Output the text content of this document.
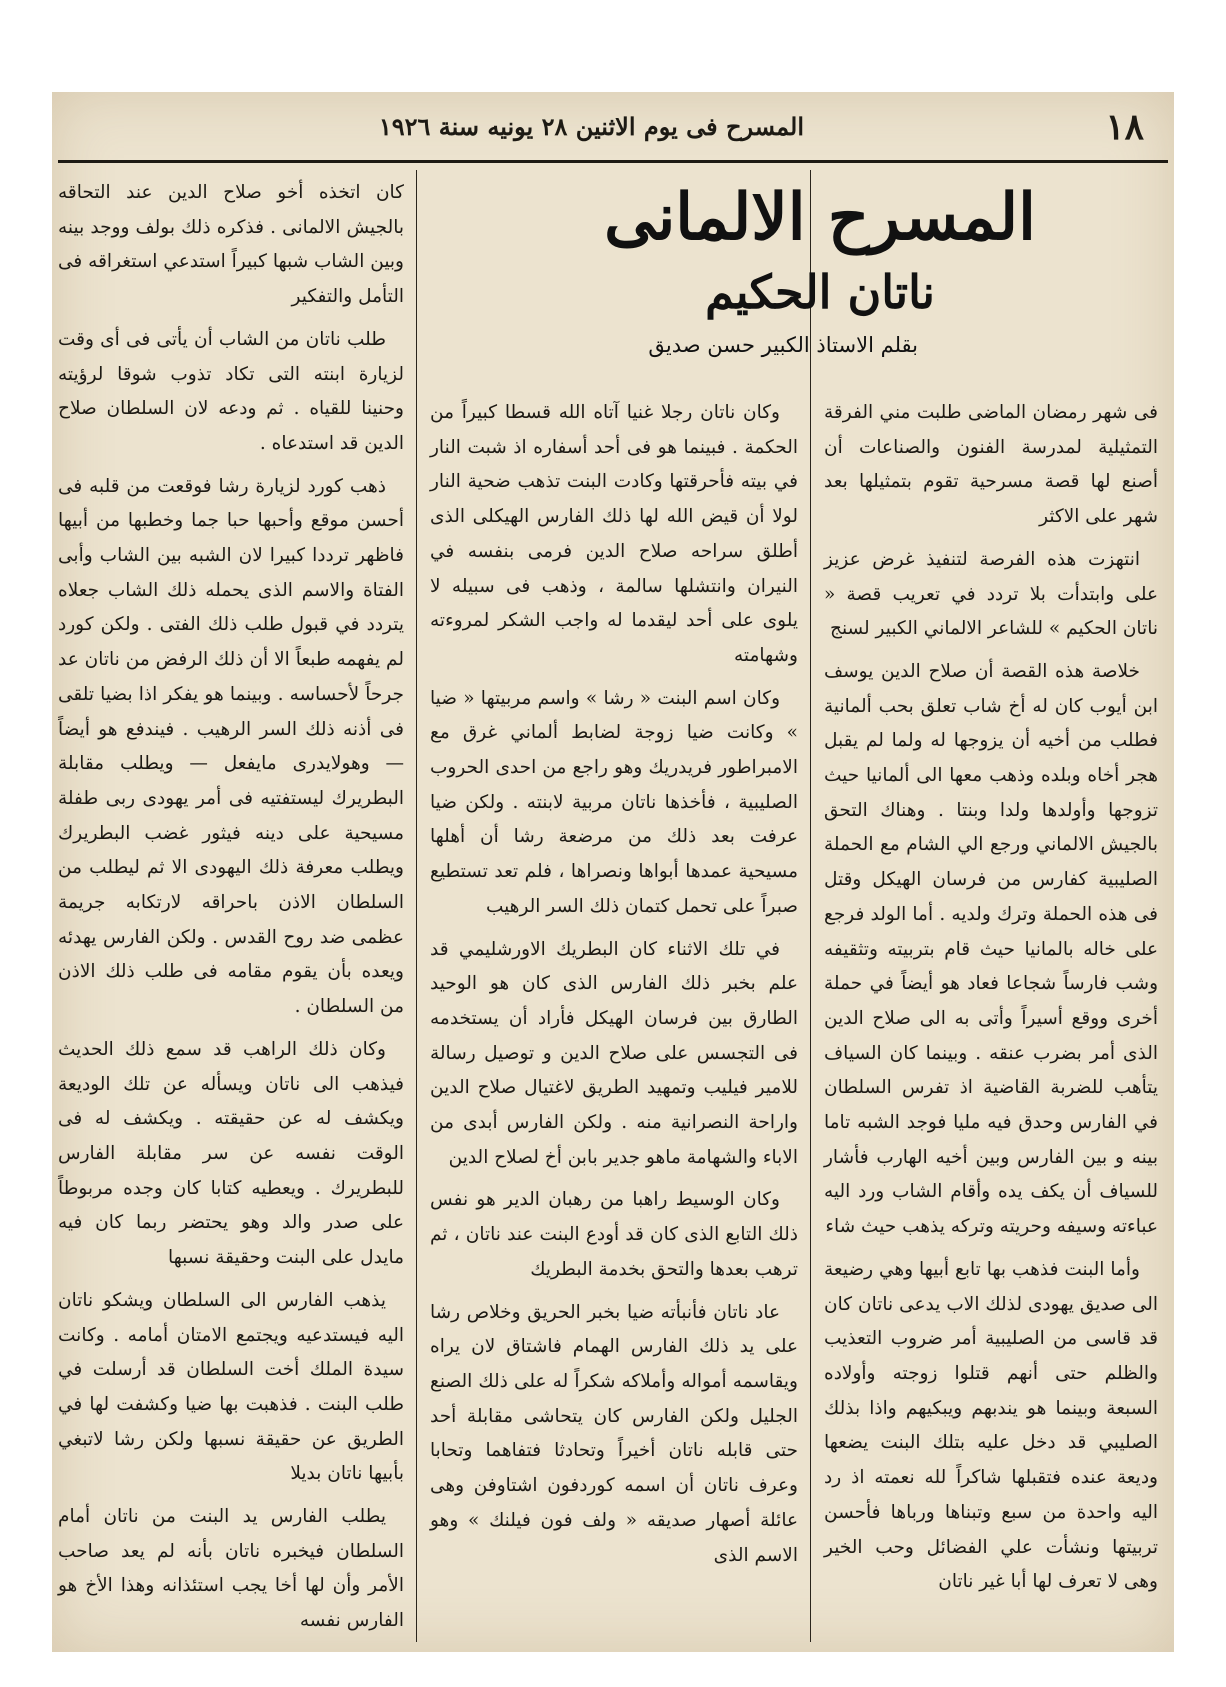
١٨
المسرح فى يوم الاثنين ٢٨ يونيه سنة ١٩٢٦
المسرح الالمانى
ناتان الحكيم
بقلم الاستاذ الكبير حسن صديق

فى شهر رمضان الماضى طلبت مني الفرقة التمثيلية لمدرسة الفنون والصناعات أن أصنع لها قصة مسرحية تقوم بتمثيلها بعد شهر على الاكثر

انتهزت هذه الفرصة لتنفيذ غرض عزيز على وابتدأت بلا تردد في تعريب قصة « ناتان الحكيم » للشاعر الالماني الكبير لسنج

خلاصة هذه القصة أن صلاح الدين يوسف ابن أيوب كان له أخ شاب تعلق بحب ألمانية فطلب من أخيه أن يزوجها له ولما لم يقبل هجر أخاه وبلده وذهب معها الى ألمانيا حيث تزوجها وأولدها ولدا وبنتا . وهناك التحق بالجيش الالماني ورجع الي الشام مع الحملة الصليبية كفارس من فرسان الهيكل وقتل فى هذه الحملة وترك ولديه . أما الولد فرجع على خاله بالمانيا حيث قام بتربيته وتثقيفه وشب فارساً شجاعا فعاد هو أيضاً في حملة أخرى ووقع أسيراً وأتى به الى صلاح الدين الذى أمر بضرب عنقه . وبينما كان السياف يتأهب للضربة القاضية اذ تفرس السلطان في الفارس وحدق فيه مليا فوجد الشبه تاما بينه و بين الفارس وبين أخيه الهارب فأشار للسياف أن يكف يده وأقام الشاب ورد اليه عباءته وسيفه وحريته وتركه يذهب حيث شاء

وأما البنت فذهب بها تابع أبيها وهي رضيعة الى صديق يهودى لذلك الاب يدعى ناتان كان قد قاسى من الصليبية أمر ضروب التعذيب والظلم حتى أنهم قتلوا زوجته وأولاده السبعة وبينما هو يندبهم ويبكيهم واذا بذلك الصليبي قد دخل عليه بتلك البنت يضعها وديعة عنده فتقبلها شاكراً لله نعمته اذ رد اليه واحدة من سبع وتبناها ورباها فأحسن تربيتها ونشأت علي الفضائل وحب الخير وهى لا تعرف لها أبا غير ناتان

وكان ناتان رجلا غنيا آتاه الله قسطا كبيراً من الحكمة . فبينما هو فى أحد أسفاره اذ شبت النار في بيته فأحرقتها وكادت البنت تذهب ضحية النار لولا أن قيض الله لها ذلك الفارس الهيكلى الذى أطلق سراحه صلاح الدين فرمى بنفسه في النيران وانتشلها سالمة ، وذهب فى سبيله لا يلوى على أحد ليقدما له واجب الشكر لمروءته وشهامته

وكان اسم البنت « رشا » واسم مربيتها « ضيا » وكانت ضيا زوجة لضابط ألماني غرق مع الامبراطور فريدريك وهو راجع من احدى الحروب الصليبية ، فأخذها ناتان مربية لابنته . ولكن ضيا عرفت بعد ذلك من مرضعة رشا أن أهلها مسيحية عمدها أبواها ونصراها ، فلم تعد تستطيع صبراً على تحمل كتمان ذلك السر الرهيب

في تلك الاثناء كان البطريك الاورشليمي قد علم بخبر ذلك الفارس الذى كان هو الوحيد الطارق بين فرسان الهيكل فأراد أن يستخدمه فى التجسس على صلاح الدين و توصيل رسالة للامير فيليب وتمهيد الطريق لاغتيال صلاح الدين واراحة النصرانية منه . ولكن الفارس أبدى من الاباء والشهامة ماهو جدير بابن أخ لصلاح الدين

وكان الوسيط راهبا من رهبان الدير هو نفس ذلك التابع الذى كان قد أودع البنت عند ناتان ، ثم ترهب بعدها والتحق بخدمة البطريك

عاد ناتان فأنبأته ضيا بخبر الحريق وخلاص رشا على يد ذلك الفارس الهمام فاشتاق لان يراه ويقاسمه أمواله وأملاكه شكراً له على ذلك الصنع الجليل ولكن الفارس كان يتحاشى مقابلة أحد حتى قابله ناتان أخيراً وتحادثا فتفاهما وتحابا وعرف ناتان أن اسمه كوردفون اشتاوفن وهى عائلة أصهار صديقه « ولف فون فيلنك » وهو الاسم الذى

كان اتخذه أخو صلاح الدين عند التحاقه بالجيش الالمانى . فذكره ذلك بولف ووجد بينه وبين الشاب شبها كبيراً استدعي استغراقه فى التأمل والتفكير

طلب ناتان من الشاب أن يأتى فى أى وقت لزيارة ابنته التى تكاد تذوب شوقا لرؤيته وحنينا للقياه . ثم ودعه لان السلطان صلاح الدين قد استدعاه .

ذهب كورد لزيارة رشا فوقعت من قلبه فى أحسن موقع وأحبها حبا جما وخطبها من أبيها فاظهر ترددا كبيرا لان الشبه بين الشاب وأبى الفتاة والاسم الذى يحمله ذلك الشاب جعلاه يتردد في قبول طلب ذلك الفتى . ولكن كورد لم يفهمه طبعاً الا أن ذلك الرفض من ناتان عد جرحاً لأحساسه . وبينما هو يفكر اذا بضيا تلقى فى أذنه ذلك السر الرهيب . فيندفع هو أيضاً — وهولايدرى مايفعل — ويطلب مقابلة البطريرك ليستفتيه فى أمر يهودى ربى طفلة مسيحية على دينه فيثور غضب البطريرك ويطلب معرفة ذلك اليهودى الا ثم ليطلب من السلطان الاذن باحراقه لارتكابه جريمة عظمى ضد روح القدس . ولكن الفارس يهدئه ويعده بأن يقوم مقامه فى طلب ذلك الاذن من السلطان .

وكان ذلك الراهب قد سمع ذلك الحديث فيذهب الى ناتان ويسأله عن تلك الوديعة ويكشف له عن حقيقته . ويكشف له فى الوقت نفسه عن سر مقابلة الفارس للبطريرك . ويعطيه كتابا كان وجده مربوطاً على صدر والد وهو يحتضر ربما كان فيه مايدل على البنت وحقيقة نسبها

يذهب الفارس الى السلطان ويشكو ناتان اليه فيستدعيه ويجتمع الامتان أمامه . وكانت سيدة الملك أخت السلطان قد أرسلت في طلب البنت . فذهبت بها ضيا وكشفت لها في الطريق عن حقيقة نسبها ولكن رشا لاتبغي بأبيها ناتان بديلا

يطلب الفارس يد البنت من ناتان أمام السلطان فيخبره ناتان بأنه لم يعد صاحب الأمر وأن لها أخا يجب استئذانه وهذا الأخ هو الفارس نفسه
